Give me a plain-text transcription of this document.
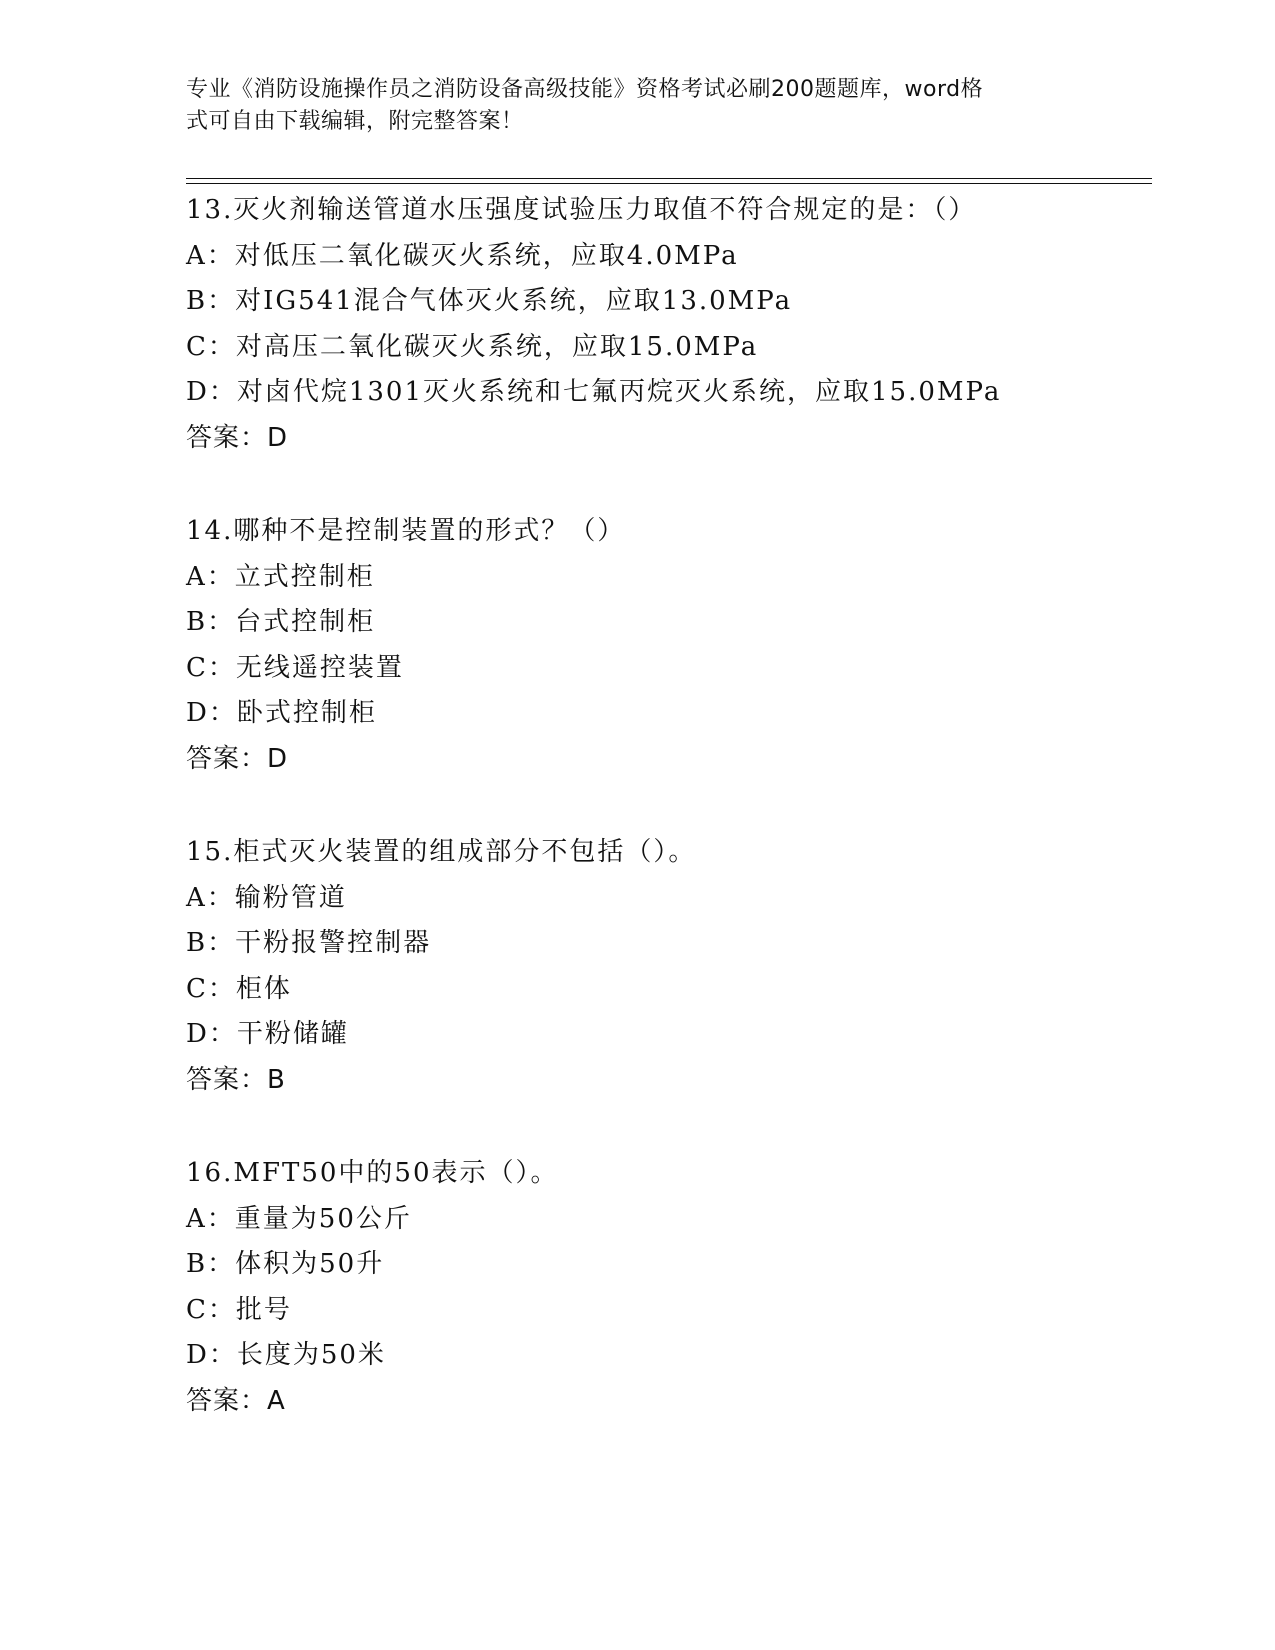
专业《消防设施操作员之消防设备高级技能》资格考试必刷200题题库，word格
式可自由下载编辑，附完整答案！
13.灭火剂输送管道水压强度试验压力取值不符合规定的是：（）
A：对低压二氧化碳灭火系统，应取4.0MPa
B：对IG541混合气体灭火系统，应取13.0MPa
C：对高压二氧化碳灭火系统，应取15.0MPa
D：对卤代烷1301灭火系统和七氟丙烷灭火系统，应取15.0MPa
答案：D
14.哪种不是控制装置的形式？（）
A：立式控制柜
B：台式控制柜
C：无线遥控装置
D：卧式控制柜
答案：D
15.柜式灭火装置的组成部分不包括（）。
A：输粉管道
B：干粉报警控制器
C：柜体
D：干粉储罐
答案：B
16.MFT50中的50表示（）。
A：重量为50公斤
B：体积为50升
C：批号
D：长度为50米
答案：A
